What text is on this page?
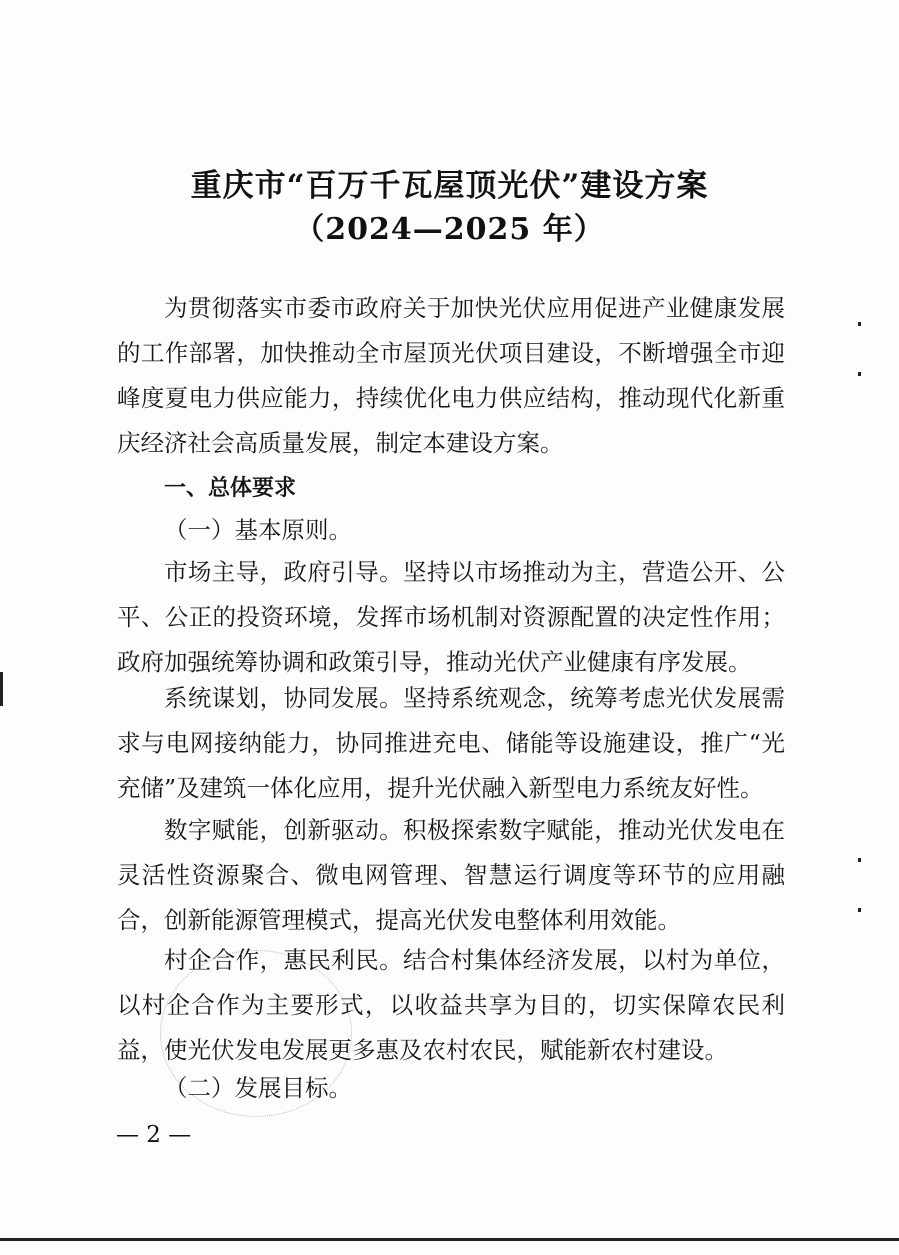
重庆市“百万千瓦屋顶光伏”建设方案
（2024—2025 年）
为贯彻落实市委市政府关于加快光伏应用促进产业健康发展的工作部署，加快推动全市屋顶光伏项目建设，不断增强全市迎峰度夏电力供应能力，持续优化电力供应结构，推动现代化新重庆经济社会高质量发展，制定本建设方案。
一、总体要求
（一）基本原则。
市场主导，政府引导。坚持以市场推动为主，营造公开、公平、公正的投资环境，发挥市场机制对资源配置的决定性作用；政府加强统筹协调和政策引导，推动光伏产业健康有序发展。
系统谋划，协同发展。坚持系统观念，统筹考虑光伏发展需求与电网接纳能力，协同推进充电、储能等设施建设，推广“光充储”及建筑一体化应用，提升光伏融入新型电力系统友好性。
数字赋能，创新驱动。积极探索数字赋能，推动光伏发电在灵活性资源聚合、微电网管理、智慧运行调度等环节的应用融合，创新能源管理模式，提高光伏发电整体利用效能。
村企合作，惠民利民。结合村集体经济发展，以村为单位，以村企合作为主要形式，以收益共享为目的，切实保障农民利益，使光伏发电发展更多惠及农村农民，赋能新农村建设。
（二）发展目标。
— 2 —
